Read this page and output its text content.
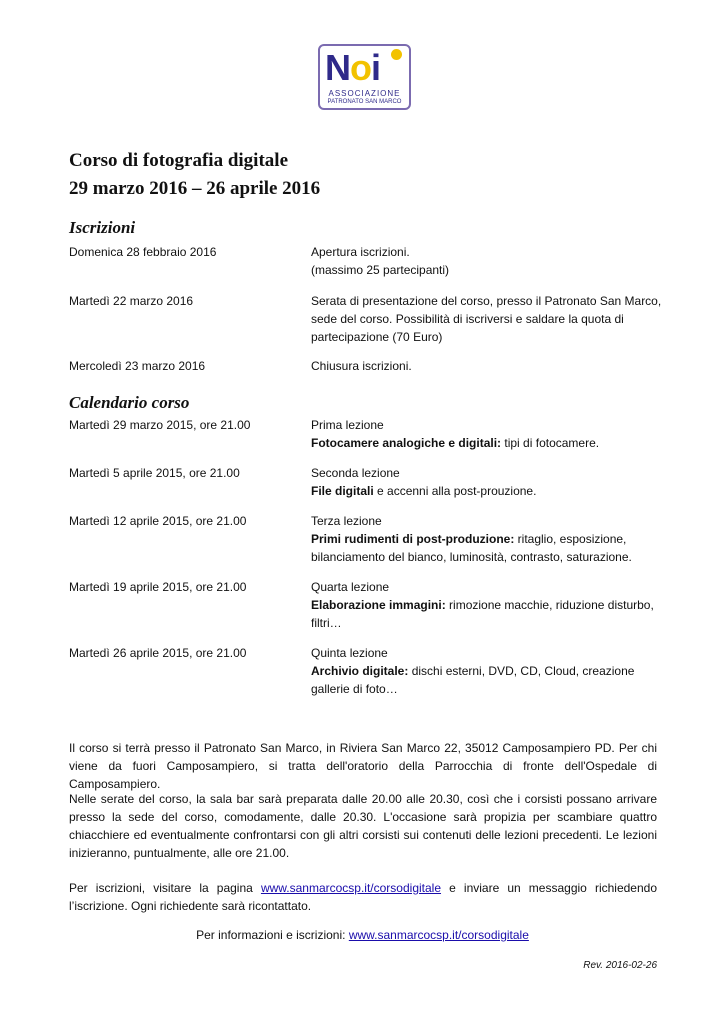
Noi
ASSOCIAZIONE
PATRONATO SAN MARCO
Corso di fotografia digitale
29 marzo 2016 – 26 aprile 2016
Iscrizioni
Domenica 28 febbraio 2016	Apertura iscrizioni.
(massimo 25 partecipanti)
Martedì 22 marzo 2016	Serata di presentazione del corso, presso il Patronato San Marco,
sede del corso. Possibilità di iscriversi e saldare la quota di
partecipazione (70 Euro)
Mercoledì 23 marzo 2016	Chiusura iscrizioni.
Calendario corso
Martedì 29 marzo 2015, ore 21.00	Prima lezione
Fotocamere analogiche e digitali: tipi di fotocamere.
Martedì 5 aprile 2015, ore 21.00	Seconda lezione
File digitali e accenni alla post-prouzione.
Martedì 12 aprile 2015, ore 21.00	Terza lezione
Primi rudimenti di post-produzione: ritaglio, esposizione, bilanciamento del bianco, luminosità, contrasto, saturazione.
Martedì 19 aprile 2015, ore 21.00	Quarta lezione
Elaborazione immagini: rimozione macchie, riduzione disturbo, filtri…
Martedì 26 aprile 2015, ore 21.00	Quinta lezione
Archivio digitale: dischi esterni, DVD, CD, Cloud, creazione gallerie di foto…
Il corso si terrà presso il Patronato San Marco, in Riviera San Marco 22, 35012 Camposampiero PD. Per chi viene da fuori Camposampiero, si tratta dell'oratorio della Parrocchia di fronte dell'Ospedale di Camposampiero.
Nelle serate del corso, la sala bar sarà preparata dalle 20.00 alle 20.30, così che i corsisti possano arrivare presso la sede del corso, comodamente, dalle 20.30. L'occasione sarà propizia per scambiare quattro chiacchiere ed eventualmente confrontarsi con gli altri corsisti sui contenuti delle lezioni precedenti. Le lezioni inizieranno, puntualmente, alle ore 21.00.
Per iscrizioni, visitare la pagina www.sanmarcocsp.it/corsodigitale e inviare un messaggio richiedendo l’iscrizione. Ogni richiedente sarà ricontattato.
Per informazioni e iscrizioni: www.sanmarcocsp.it/corsodigitale
Rev. 2016-02-26
